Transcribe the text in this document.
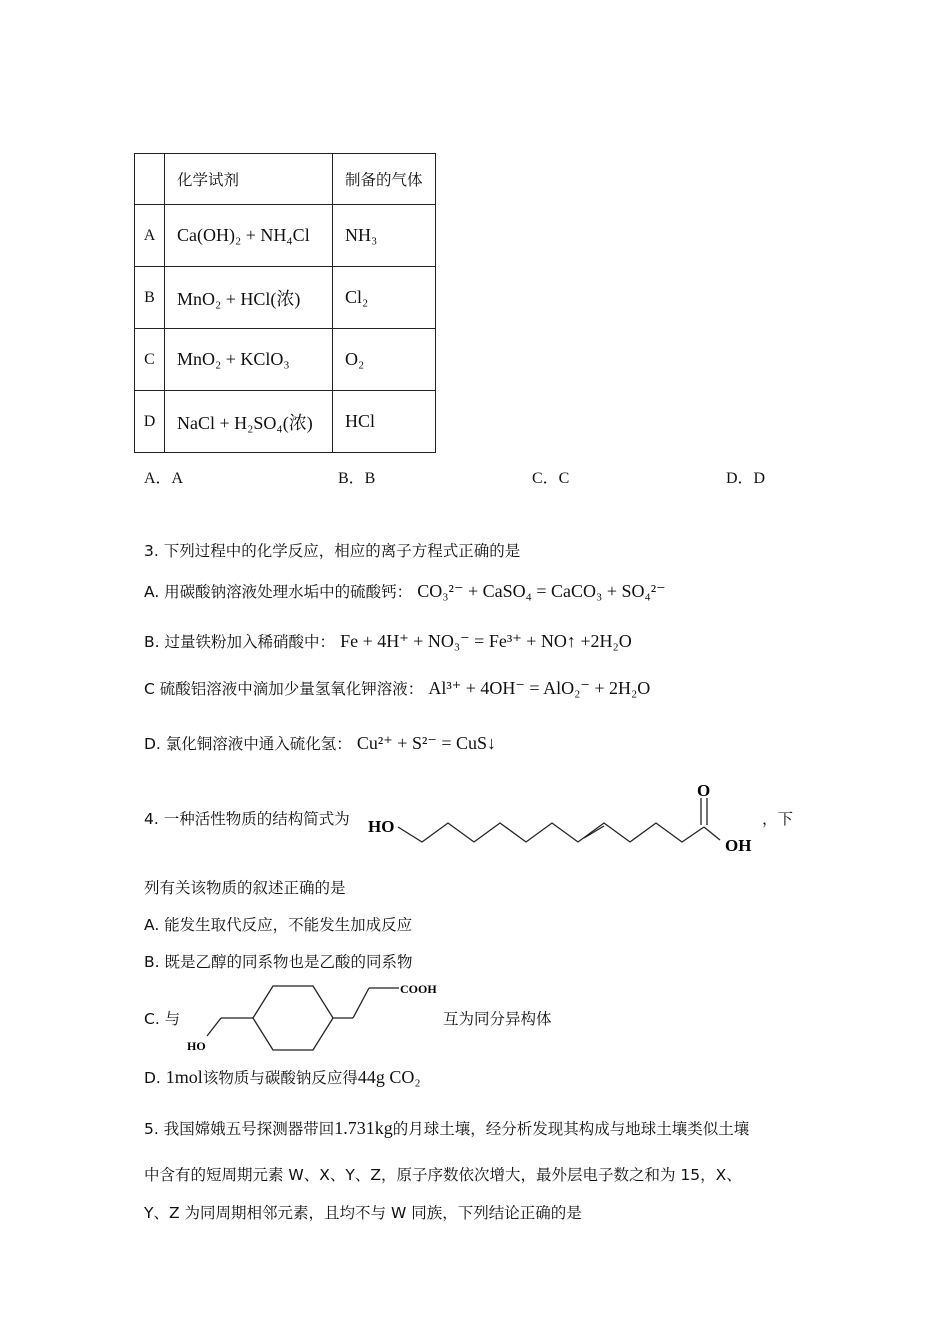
	化学试剂	制备的气体
A	Ca(OH)₂ + NH₄Cl	NH₃
B	MnO₂ + HCl(浓)	Cl₂
C	MnO₂ + KClO₃	O₂
D	NaCl + H₂SO₄(浓)	HCl
A．A	B．B	C．C	D．D
3. 下列过程中的化学反应，相应的离子方程式正确的是
A. 用碳酸钠溶液处理水垢中的硫酸钙： CO₃²⁻ + CaSO₄ = CaCO₃ + SO₄²⁻
B. 过量铁粉加入稀硝酸中： Fe + 4H⁺ + NO₃⁻ = Fe³⁺ + NO↑ +2H₂O
C 硫酸铝溶液中滴加少量氢氧化钾溶液： Al³⁺ + 4OH⁻ = AlO₂⁻ + 2H₂O
D. 氯化铜溶液中通入硫化氢： Cu²⁺ + S²⁻ = CuS↓
4. 一种活性物质的结构简式为 HO
O
OH
，下
列有关该物质的叙述正确的是
A. 能发生取代反应，不能发生加成反应
B. 既是乙醇的同系物也是乙酸的同系物
C. 与
COOH
HO
互为同分异构体
D. 1mol该物质与碳酸钠反应得44g CO₂
5. 我国嫦娥五号探测器带回1.731kg的月球土壤，经分析发现其构成与地球土壤类似土壤
中含有的短周期元素 W、X、Y、Z，原子序数依次增大，最外层电子数之和为 15，X、
Y、Z 为同周期相邻元素，且均不与 W 同族，下列结论正确的是
